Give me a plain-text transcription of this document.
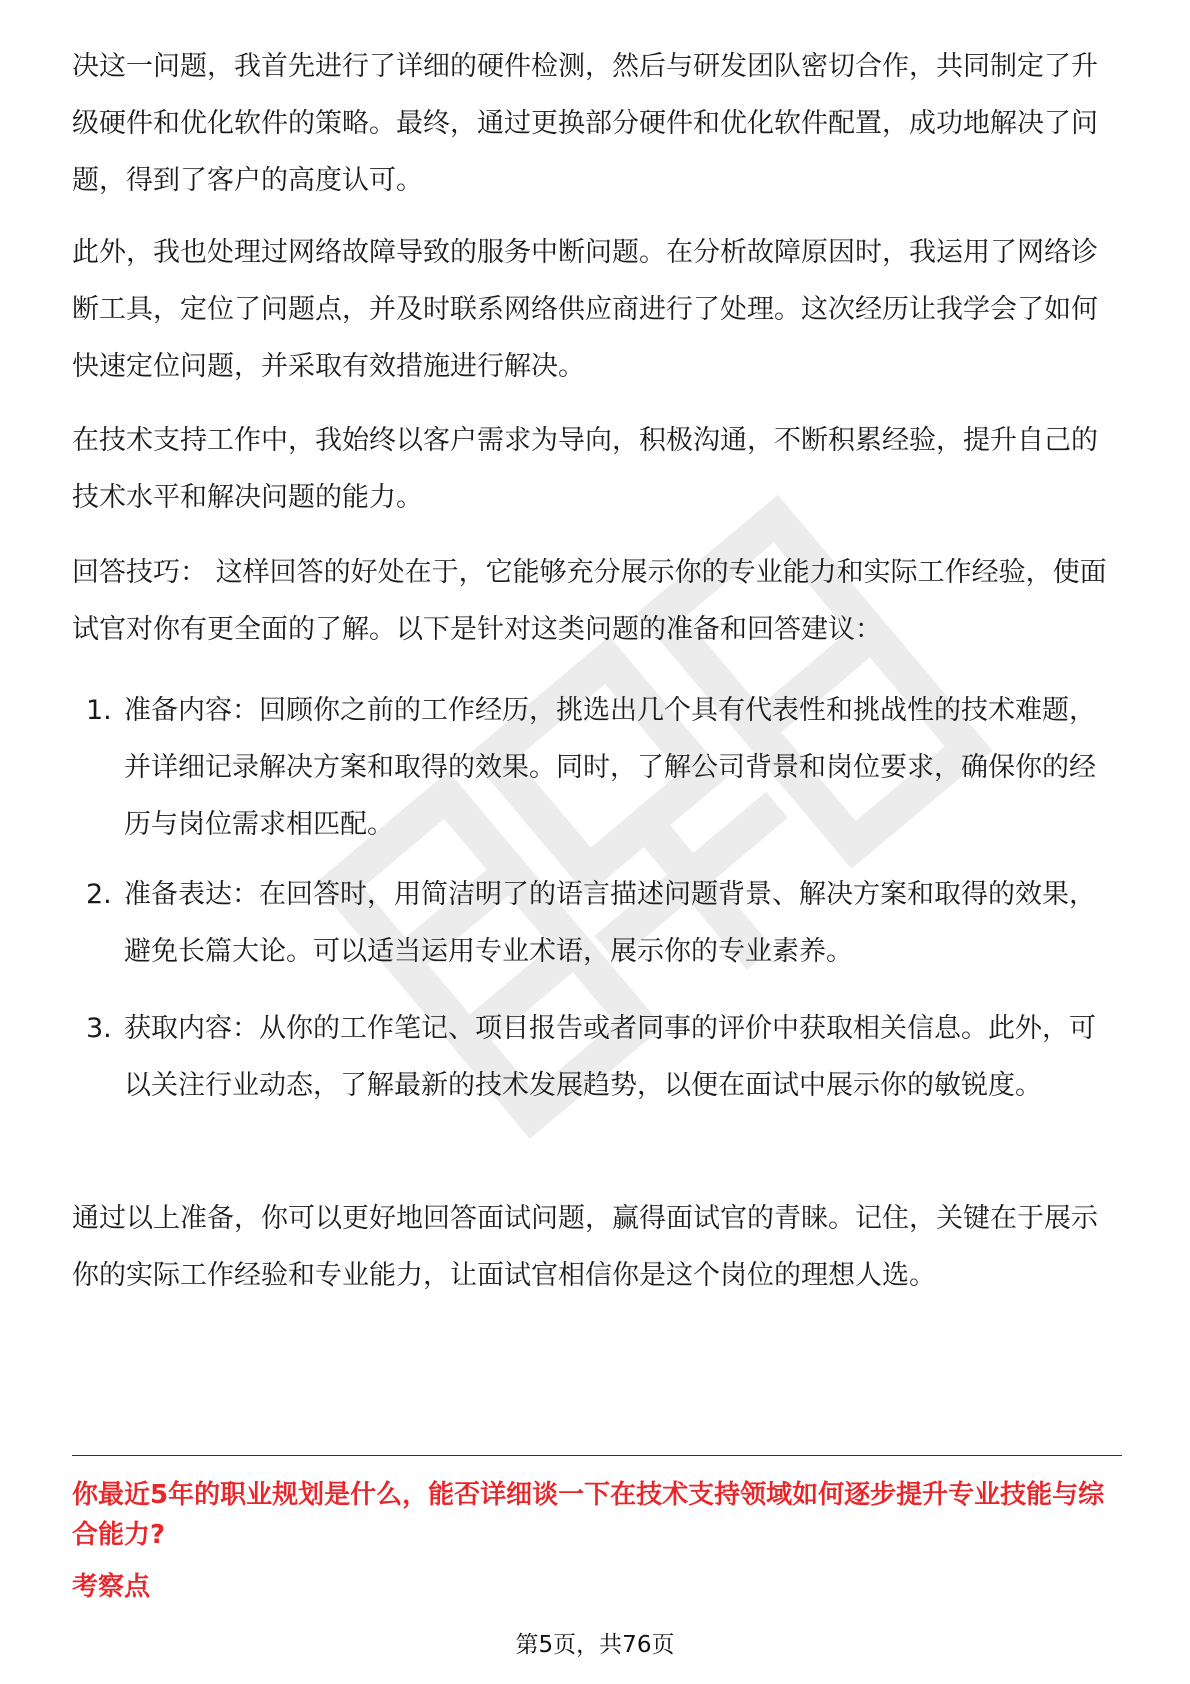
决这一问题，我首先进行了详细的硬件检测，然后与研发团队密切合作，共同制定了升级硬件和优化软件的策略。最终，通过更换部分硬件和优化软件配置，成功地解决了问题，得到了客户的高度认可。

此外，我也处理过网络故障导致的服务中断问题。在分析故障原因时，我运用了网络诊断工具，定位了问题点，并及时联系网络供应商进行了处理。这次经历让我学会了如何快速定位问题，并采取有效措施进行解决。

在技术支持工作中，我始终以客户需求为导向，积极沟通，不断积累经验，提升自己的技术水平和解决问题的能力。

回答技巧： 这样回答的好处在于，它能够充分展示你的专业能力和实际工作经验，使面试官对你有更全面的了解。以下是针对这类问题的准备和回答建议：

1. 准备内容：回顾你之前的工作经历，挑选出几个具有代表性和挑战性的技术难题，并详细记录解决方案和取得的效果。同时，了解公司背景和岗位要求，确保你的经历与岗位需求相匹配。
2. 准备表达：在回答时，用简洁明了的语言描述问题背景、解决方案和取得的效果，避免长篇大论。可以适当运用专业术语，展示你的专业素养。
3. 获取内容：从你的工作笔记、项目报告或者同事的评价中获取相关信息。此外，可以关注行业动态，了解最新的技术发展趋势，以便在面试中展示你的敏锐度。

通过以上准备，你可以更好地回答面试问题，赢得面试官的青睐。记住，关键在于展示你的实际工作经验和专业能力，让面试官相信你是这个岗位的理想人选。

你最近5年的职业规划是什么，能否详细谈一下在技术支持领域如何逐步提升专业技能与综合能力?

考察点

第5页，共76页
